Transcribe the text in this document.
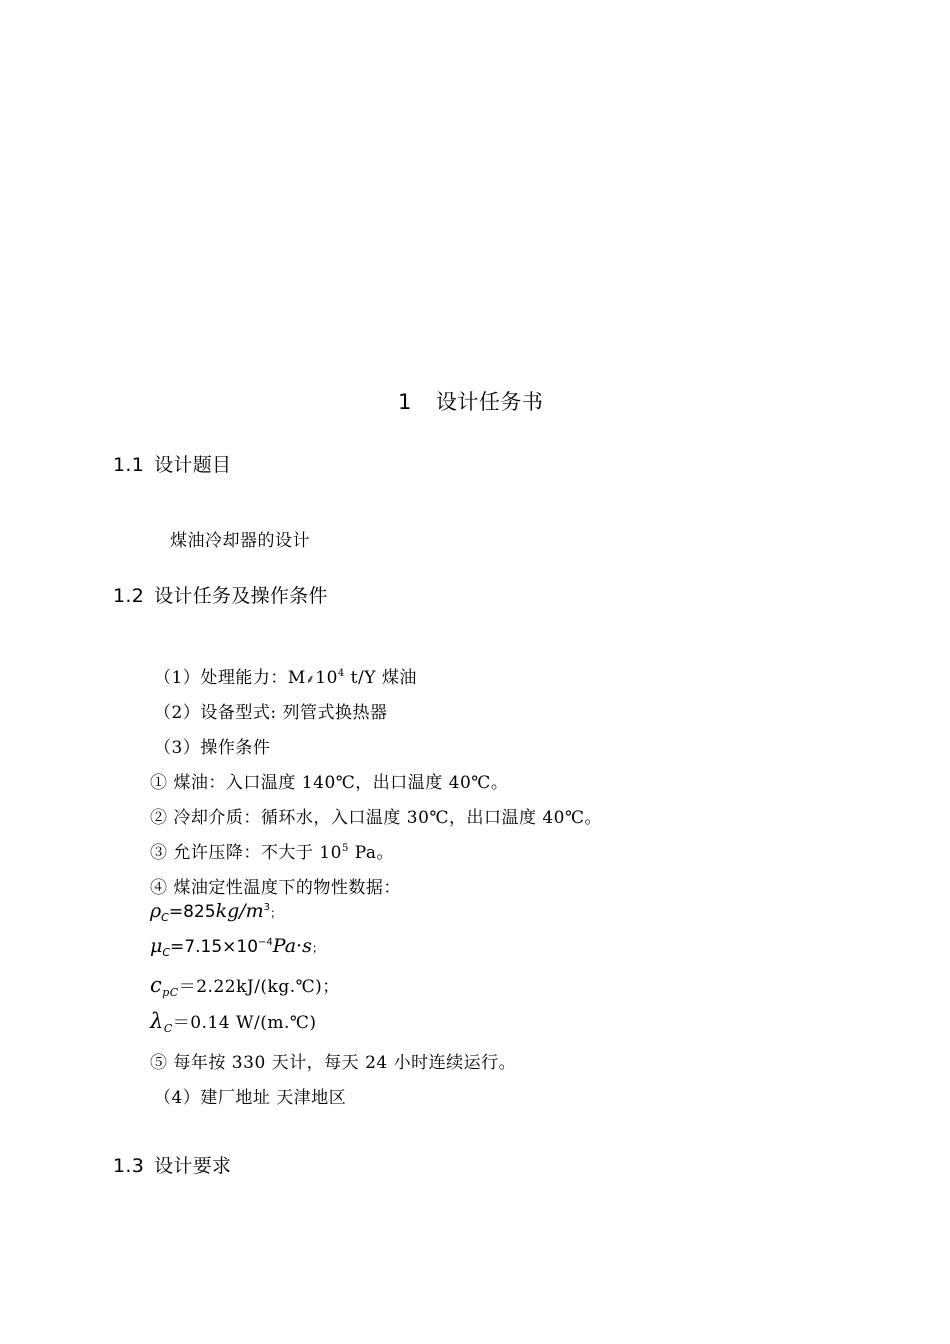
1 设计任务书
1.1 设计题目
煤油冷却器的设计
1.2 设计任务及操作条件
（1）处理能力：$M⸙10^4$ t/Y 煤油
（2）设备型式: 列管式换热器
（3）操作条件
① 煤油：入口温度 140℃，出口温度 40℃。
② 冷却介质：循环水，入口温度 30℃，出口温度 40℃。
③ 允许压降：不大于 $10^5$ Pa。
④ 煤油定性温度下的物性数据：
$\rho_C=825kg/m^3$；
$\mu_C=7.15\times 10^{-4}Pa\cdot s$；
$c_{pC}=2.22kJ/(kg.℃)$；
$\lambda_C=0.14$ W/(m.℃)
⑤ 每年按 330 天计，每天 24 小时连续运行。
（4）建厂地址 天津地区
1.3 设计要求
